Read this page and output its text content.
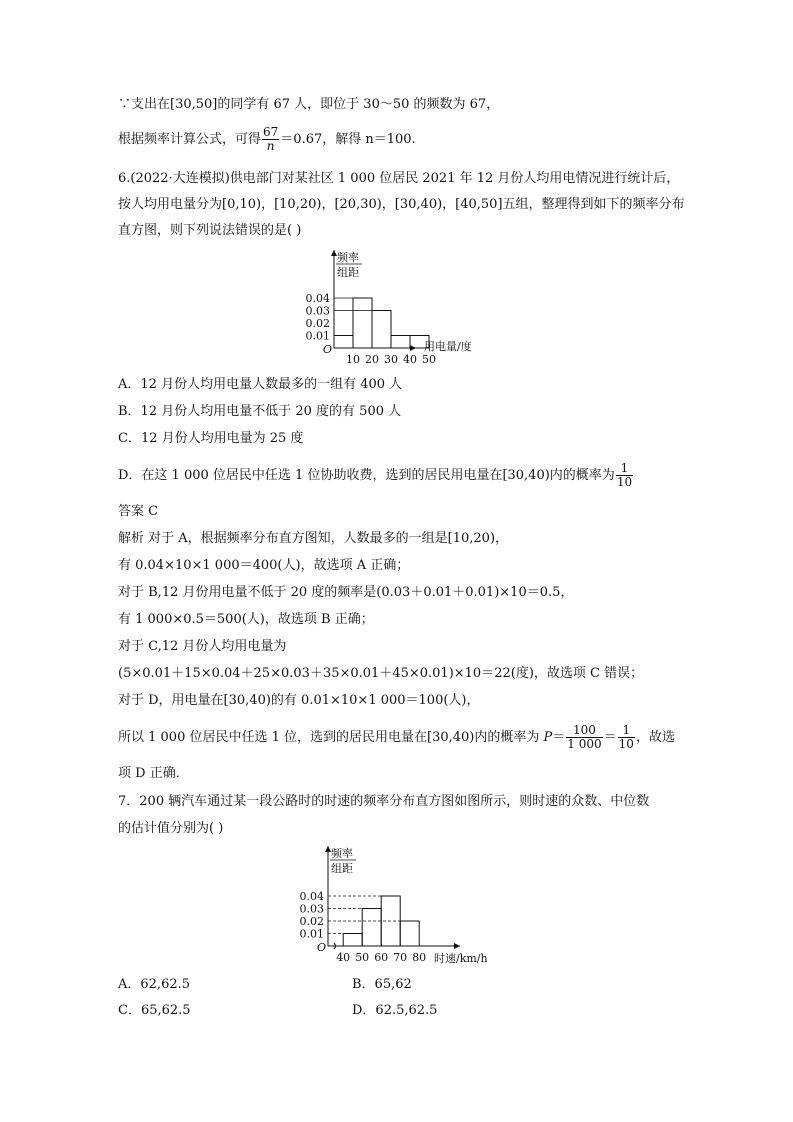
∵支出在[30,50]的同学有 67 人，即位于 30～50 的频数为 67，
根据频率计算公式，可得 $\frac{67}{n} =0.67$，解得 n＝100.
6.(2022·大连模拟)供电部门对某社区 1 000 位居民 2021 年 12 月份人均用电情况进行统计后，
按人均用电量分为[0,10)，[10,20)，[20,30)，[30,40)，[40,50]五组，整理得到如下的频率分布
直方图，则下列说法错误的是( )
频率
组距
O
0.01
0.02
0.03
0.04
10 20 30 40 50
用电量/度
A．12 月份人均用电量人数最多的一组有 400 人
B．12 月份人均用电量不低于 20 度的有 500 人
C．12 月份人均用电量为 25 度
D．在这 1 000 位居民中任选 1 位协助收费，选到的居民用电量在[30,40)内的概率为 $\frac{1}{10}$
答案 C
解析 对于 A，根据频率分布直方图知，人数最多的一组是[10,20)，
有 0.04×10×1 000＝400(人)，故选项 A 正确；
对于 B,12 月份用电量不低于 20 度的频率是(0.03＋0.01＋0.01)×10＝0.5，
有 1 000×0.5＝500(人)，故选项 B 正确；
对于 C,12 月份人均用电量为
(5×0.01＋15×0.04＋25×0.03＋35×0.01＋45×0.01)×10＝22(度)，故选项 C 错误；
对于 D，用电量在[30,40)的有 0.01×10×1 000＝100(人)，
所以 1 000 位居民中任选 1 位，选到的居民用电量在[30,40)内的概率为 $P= \frac{100}{1 000} = \frac{1}{10}$ ，故选
项 D 正确．
7．200 辆汽车通过某一段公路时的时速的频率分布直方图如图所示，则时速的众数、中位数
的估计值分别为( )
频率
组距
O
0.01
0.02
0.03
0.04
40 50 60 70 80 时速/km/h
A．62,62.5	B．65,62
C．65,62.5	D．62.5,62.5
